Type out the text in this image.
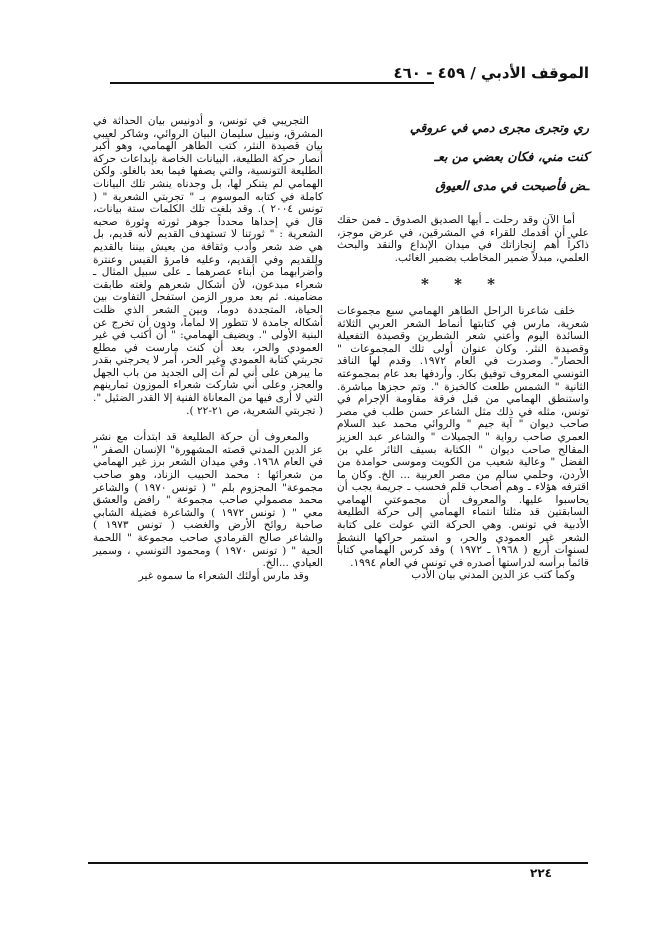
الموقف الأدبي / ٤٥٩ - ٤٦٠
ري وتجرى مجرى دمي في عروقي
كنت مني، فكان بعضي من بعـ
ـض فأصبحت في مدى العيوق

أما الآن وقد رحلت ـ أيها الصديق الصدوق ـ فمن حقك علي أن أقدمك للقراء في المشرقين، في عرض موجز، ذاكراً أهم إنجازاتك في ميدان الإبداع والنقد والبحث العلمي، مبدلاً ضمير المخاطب بضمير الغائب.

* * *

خلف شاعرنا الراحل الطاهر الهمامي سبع مجموعات شعرية، مارس في كتابتها أنماط الشعر العربي الثلاثة السائدة اليوم وأعني شعر الشطرين وقصيدة التفعيلة وقصيدة النثر. وكان عنوان أولى تلك المجموعات " الحصار". وصدرت في العام ١٩٧٢. وقدم لها الناقد التونسي المعروف توفيق بكار. وأردفها بعد عام بمجموعته الثانية " الشمس طلعت كالخبزة ". وتم حجزها مباشرة. واستنطق الهمامي من قبل فرقة مقاومة الإجرام في تونس، مثله في ذلك مثل الشاعر حسن طلب في مصر صاحب ديوان " آية جيم " والروائي محمد عبد السلام العمري صاحب رواية " الجميلات " والشاعر عبد العزيز المقالح صاحب ديوان " الكتابة بسيف الثائر علي بن الفضل " وعالية شعيب من الكويت وموسى حوامدة من الأردن، وحلمي سالم من مصر العربية ... الخ. وكان ما اقترفه هؤلاء ـ وهم أصحاب قلم فحسب ـ جريمة يجب أن يحاسبوا عليها. والمعروف أن مجموعتي الهمامي السابقتين قد مثلتا انتماء الهمامي إلى حركة الطليعة الأدبية في تونس. وهي الحركة التي عولت على كتابة الشعر غير العمودي والحر، و استمر حراكها النشط لسنوات أربع ( ١٩٦٨ ـ ١٩٧٢ ) وقد كرس الهمامي كتاباً قائماً برأسه لدراستها أصدره في تونس في العام ١٩٩٤.

وكما كتب عز الدين المدني بيان الأدب

التجريبي في تونس، و أدونيس بيان الحداثة في المشرق، ونبيل سليمان البيان الروائي، وشاكر لعيبي بيان قصيدة النثر، كتب الطاهر الهمامي، وهو أكبر أنصار حركة الطليعة، البيانات الخاصة بإبداعات حركة الطليعة التونسية، والتي يصفها فيما بعد بالغلو. ولكن الهمامي لم يتنكر لها، بل وجدناه ينشر تلك البيانات كاملة في كتابه الموسوم بـ " تجربتي الشعرية " ( تونس ٢٠٠٤ ). وقد بلغت تلك الكلمات ستة بيانات، قال في إحداها محدداً جوهر ثورته وثورة صحبه الشعرية : " ثورتنا لا تستهدف القديم لأنه قديم، بل هي ضد شعر وأدب وثقافة من يعيش بيننا بالقديم وللقديم وفي القديم، وعليه فامرؤ القيس وعنترة وأضرابهما من أبناء عصرهما ـ على سبيل المثال ـ شعراء مبدعون، لأن أشكال شعرهم ولغته طابقت مضامينه. ثم بعد مرور الزمن استفحل التفاوت بين الحياة، المتجددة دوماً، وبين الشعر الذي ظلت أشكاله جامدة لا تتطور إلا لماماً، ودون أن تخرج عن البنية الأولى ". ويضيف الهمامي: " أن أكتب في غير العمودي والحر، بعد أن كنت مارست في مطلع تجربتي كتابة العمودي وغير الحر، أمر لا يحرجني بقدر ما يبرهن على أني لم آت إلى الجديد من باب الجهل والعجز، وعلى أني شاركت شعراء الموزون تمارينهم التي لا أرى فيها من المعاناة الفنية إلا القدر الضئيل ". ( تجربتي الشعرية، ص ٢١-٢٢ ).

والمعروف أن حركة الطليعة قد ابتدأت مع نشر عز الدين المدني قصته المشهورة" الإنسان الصفر " في العام ١٩٦٨. وفي ميدان الشعر برز غير الهمامي من شعرائها : محمد الحبيب الزناد، وهو صاحب مجموعة" المجزوم بلم " ( تونس ١٩٧٠ ) والشاعر محمد مصمولي صاحب مجموعة " رافض والعشق معي " ( تونس ١٩٧٢ ) والشاعرة فضيلة الشابي صاحبة روائح الأرض والغضب ( تونس ١٩٧٣ ) والشاعر صالح القرمادي صاحب مجموعة " اللحمة الحية " ( تونس ١٩٧٠ ) ومحمود التونسي ، وسمير العيادي ...الخ.

وقد مارس أولئك الشعراء ما سموه غير

٢٢٤
